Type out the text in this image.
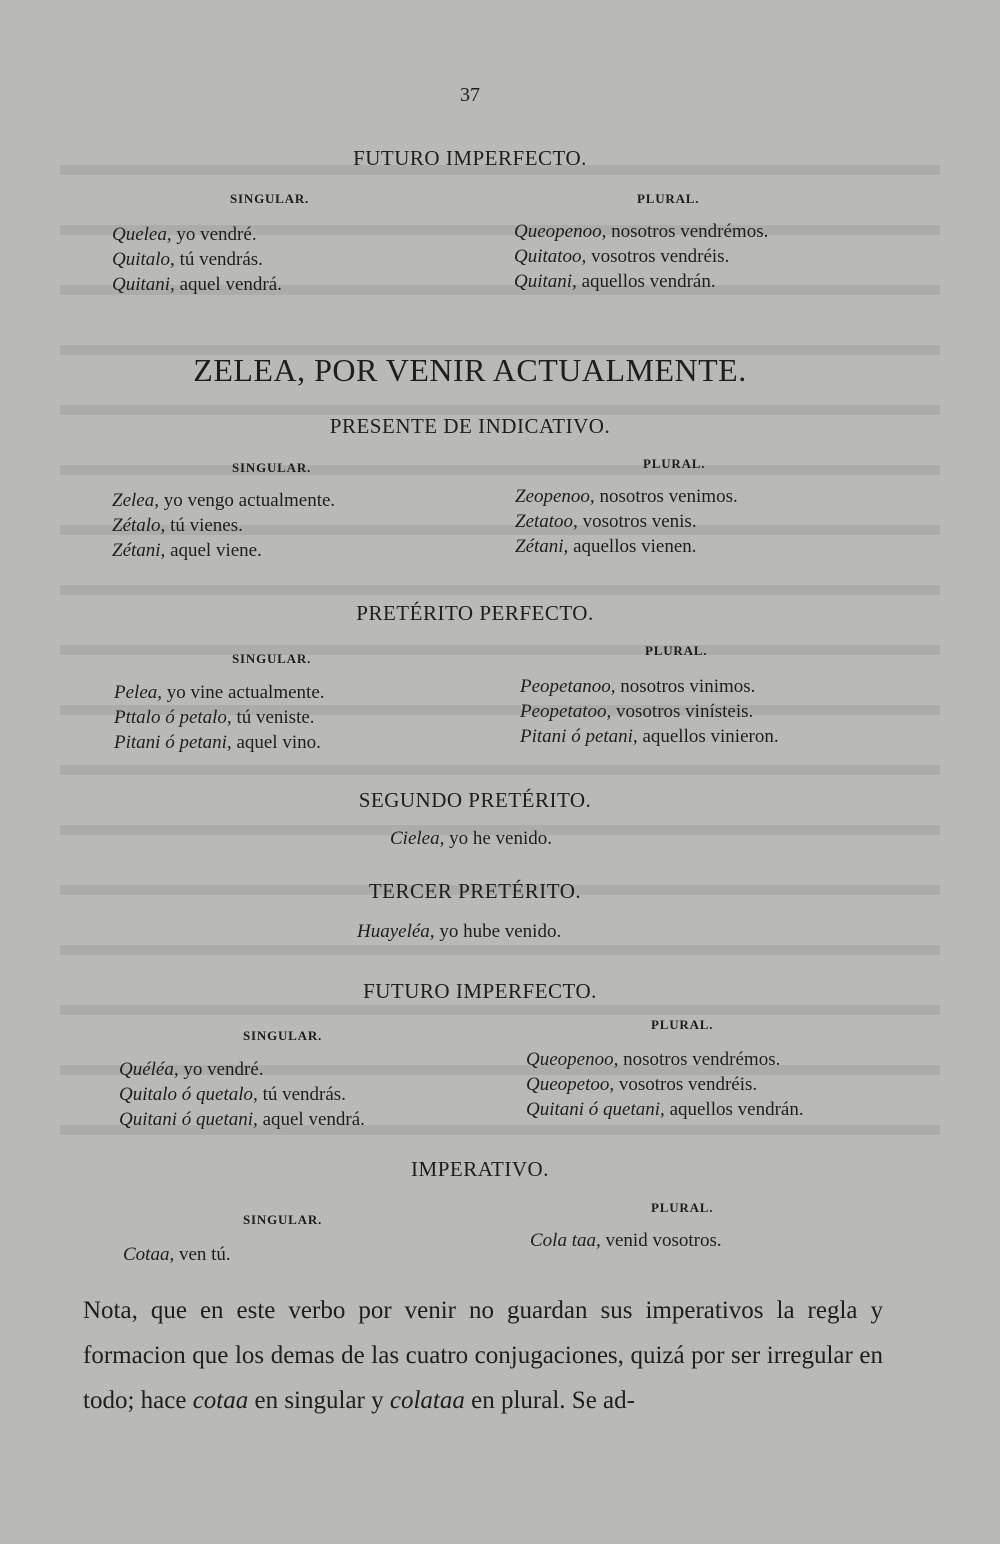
37
FUTURO IMPERFECTO.
SINGULAR.	PLURAL.
Quelea, yo vendré.
Quitalo, tú vendrás.
Quitani, aquel vendrá.
Queopenoo, nosotros vendrémos.
Quitatoo, vosotros vendréis.
Quitani, aquellos vendrán.
ZELEA, POR VENIR ACTUALMENTE.
PRESENTE DE INDICATIVO.
SINGULAR.	PLURAL.
Zelea, yo vengo actualmente.
Zétalo, tú vienes.
Zétani, aquel viene.
Zeopenoo, nosotros venimos.
Zetatoo, vosotros venis.
Zétani, aquellos vienen.
PRETÉRITO PERFECTO.
SINGULAR.
PLURAL.
Pelea, yo vine actualmente.
Pttalo ó petalo, tú veniste.
Pitani ó petani, aquel vino.
Peopetanoo, nosotros vinimos.
Peopetatoo, vosotros vinísteis.
Pitani ó petani, aquellos vinieron.
SEGUNDO PRETÉRITO.
Cielea, yo he venido.
TERCER PRETÉRITO.
Huayeléa, yo hube venido.
FUTURO IMPERFECTO.
SINGULAR.
PLURAL.
Quéléa, yo vendré.
Quitalo ó quetalo, tú vendrás.
Quitani ó quetani, aquel vendrá.
Queopenoo, nosotros vendrémos.
Queopetoo, vosotros vendréis.
Quitani ó quetani, aquellos vendrán.
IMPERATIVO.
SINGULAR.
PLURAL.
Cotaa, ven tú.
Cola taa, venid vosotros.
Nota, que en este verbo por venir no guardan sus imperativos la regla y formacion que los demas de las cuatro conjugaciones, quizá por ser irregular en todo; hace cotaa en singular y colataa en plural. Se ad-
